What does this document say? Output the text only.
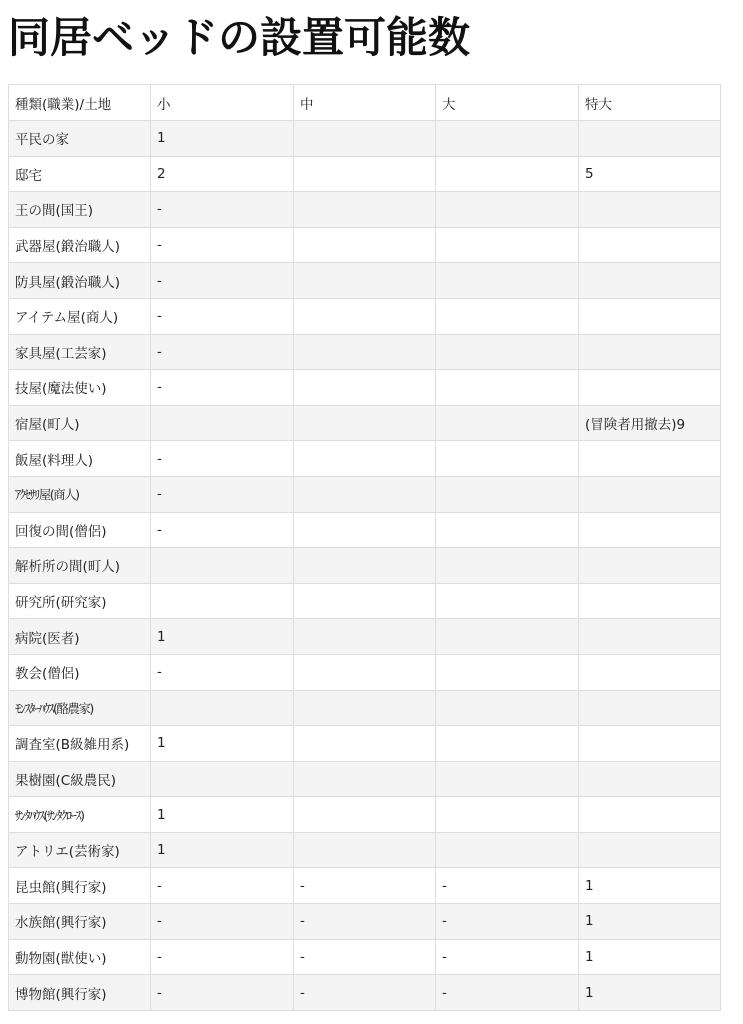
同居ベッドの設置可能数
種類(職業)/土地	小	中	大	特大
平民の家	1			
邸宅	2			5
王の間(国王)	-			
武器屋(鍛治職人)	-			
防具屋(鍛治職人)	-			
アイテム屋(商人)	-			
家具屋(工芸家)	-			
技屋(魔法使い)	-			
宿屋(町人)				(冒険者用撤去)9
飯屋(料理人)	-			
ｱｸｾｻﾘ屋(商人)	-			
回復の間(僧侶)	-			
解析所の間(町人)				
研究所(研究家)				
病院(医者)	1			
教会(僧侶)	-			
ﾓﾝｽﾀｰﾊｳｽ(酪農家)				
調査室(B級雑用系)	1			
果樹園(C級農民)				
ｻﾝﾀﾊｳｽ(ｻﾝﾀｸﾛｰｽ)	1			
アトリエ(芸術家)	1			
昆虫館(興行家)	-	-	-	1
水族館(興行家)	-	-	-	1
動物園(獣使い)	-	-	-	1
博物館(興行家)	-	-	-	1
